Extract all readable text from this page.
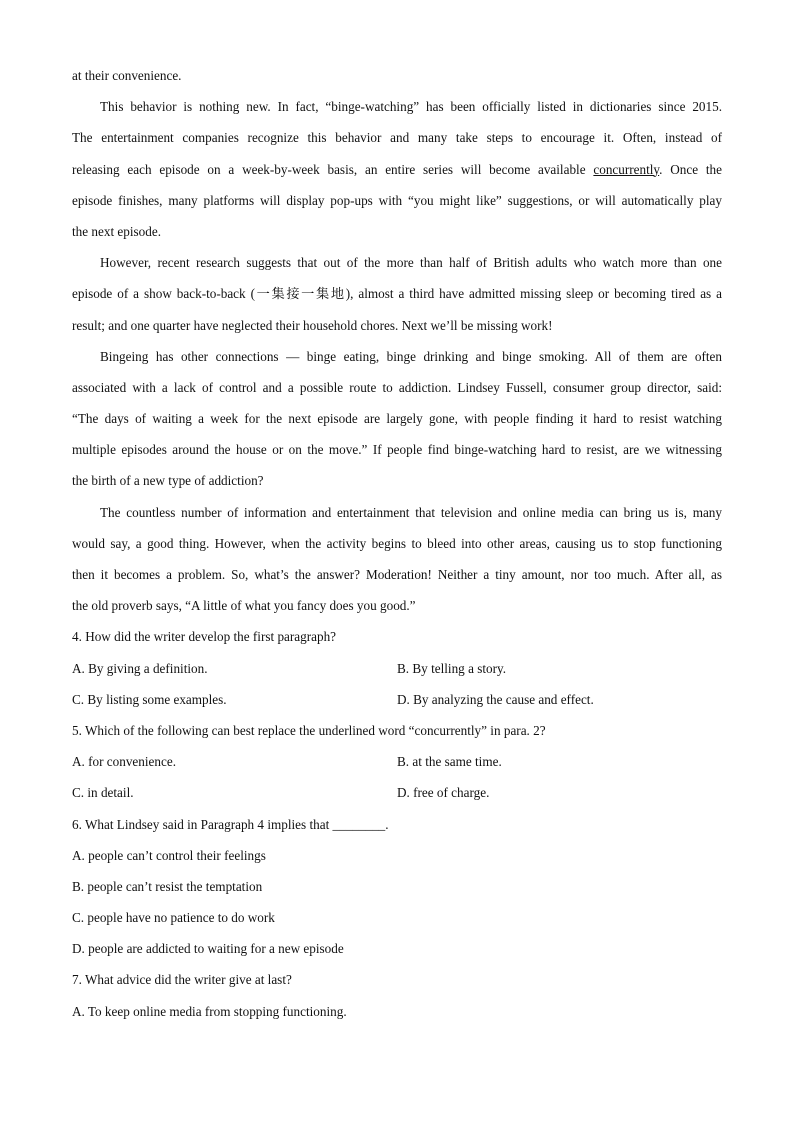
at their convenience.
This behavior is nothing new. In fact, “binge-watching” has been officially listed in dictionaries since 2015.
The entertainment companies recognize this behavior and many take steps to encourage it. Often, instead of
releasing each episode on a week-by-week basis, an entire series will become available concurrently. Once the
episode finishes, many platforms will display pop-ups with “you might like” suggestions, or will automatically play
the next episode.
However, recent research suggests that out of the more than half of British adults who watch more than one
episode of a show back-to-back (一集接一集地), almost a third have admitted missing sleep or becoming tired as a
result; and one quarter have neglected their household chores. Next we’ll be missing work!
Bingeing has other connections — binge eating, binge drinking and binge smoking. All of them are often
associated with a lack of control and a possible route to addiction. Lindsey Fussell, consumer group director, said:
“The days of waiting a week for the next episode are largely gone, with people finding it hard to resist watching
multiple episodes around the house or on the move.” If people find binge-watching hard to resist, are we witnessing
the birth of a new type of addiction?
The countless number of information and entertainment that television and online media can bring us is, many
would say, a good thing. However, when the activity begins to bleed into other areas, causing us to stop functioning
then it becomes a problem. So, what’s the answer? Moderation! Neither a tiny amount, nor too much. After all, as
the old proverb says, “A little of what you fancy does you good.”
4. How did the writer develop the first paragraph?
A. By giving a definition.	B. By telling a story.
C. By listing some examples.	D. By analyzing the cause and effect.
5. Which of the following can best replace the underlined word “concurrently” in para. 2?
A. for convenience.	B. at the same time.
C. in detail.	D. free of charge.
6. What Lindsey said in Paragraph 4 implies that ________.
A. people can’t control their feelings
B. people can’t resist the temptation
C. people have no patience to do work
D. people are addicted to waiting for a new episode
7. What advice did the writer give at last?
A. To keep online media from stopping functioning.
